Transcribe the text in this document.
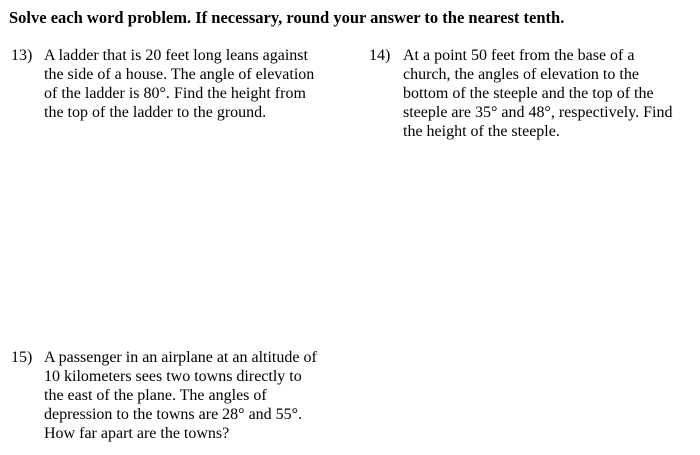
Solve each word problem. If necessary, round your answer to the nearest tenth.
13) A ladder that is 20 feet long leans against
the side of a house. The angle of elevation
of the ladder is 80°. Find the height from
the top of the ladder to the ground.
14) At a point 50 feet from the base of a
church, the angles of elevation to the
bottom of the steeple and the top of the
steeple are 35° and 48°, respectively. Find
the height of the steeple.
15) A passenger in an airplane at an altitude of
10 kilometers sees two towns directly to
the east of the plane. The angles of
depression to the towns are 28° and 55°.
How far apart are the towns?
